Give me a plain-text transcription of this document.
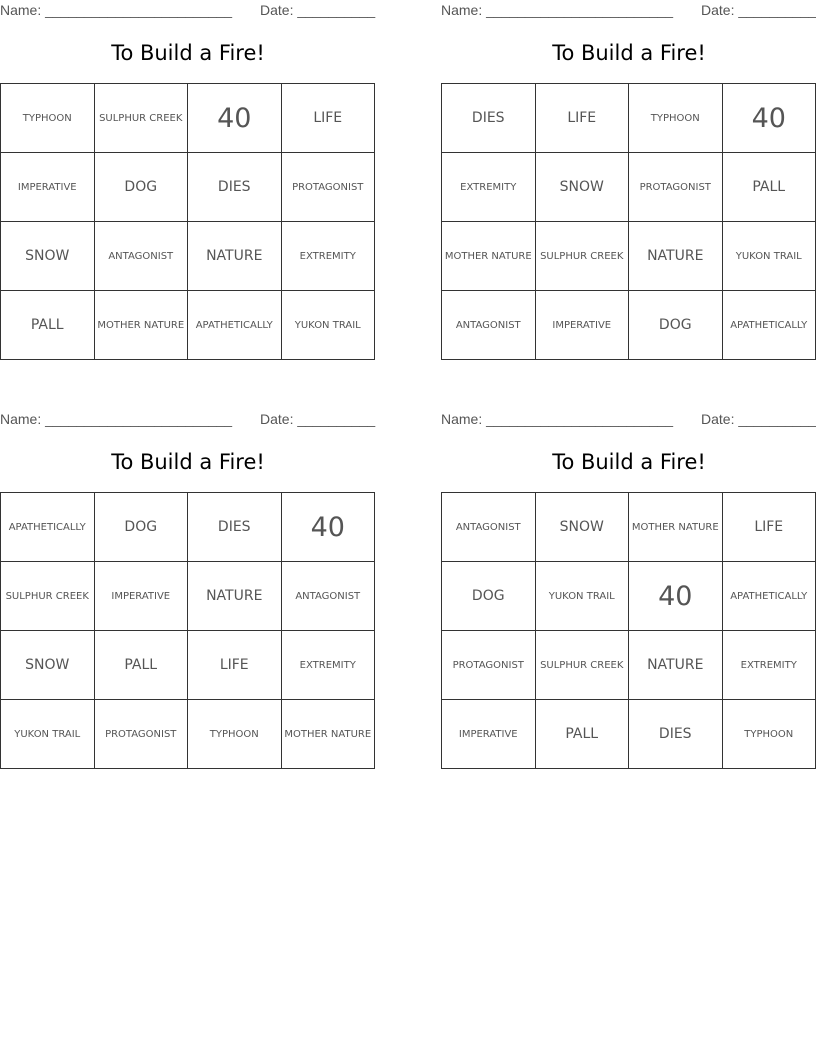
Name: ________________________ Date: __________
To Build a Fire!
TYPHOON	SULPHUR CREEK	40	LIFE
IMPERATIVE	DOG	DIES	PROTAGONIST
SNOW	ANTAGONIST	NATURE	EXTREMITY
PALL	MOTHER NATURE	APATHETICALLY	YUKON TRAIL
Name: ________________________ Date: __________
To Build a Fire!
DIES	LIFE	TYPHOON	40
EXTREMITY	SNOW	PROTAGONIST	PALL
MOTHER NATURE	SULPHUR CREEK	NATURE	YUKON TRAIL
ANTAGONIST	IMPERATIVE	DOG	APATHETICALLY
Name: ________________________ Date: __________
To Build a Fire!
APATHETICALLY	DOG	DIES	40
SULPHUR CREEK	IMPERATIVE	NATURE	ANTAGONIST
SNOW	PALL	LIFE	EXTREMITY
YUKON TRAIL	PROTAGONIST	TYPHOON	MOTHER NATURE
Name: ________________________ Date: __________
To Build a Fire!
ANTAGONIST	SNOW	MOTHER NATURE	LIFE
DOG	YUKON TRAIL	40	APATHETICALLY
PROTAGONIST	SULPHUR CREEK	NATURE	EXTREMITY
IMPERATIVE	PALL	DIES	TYPHOON
